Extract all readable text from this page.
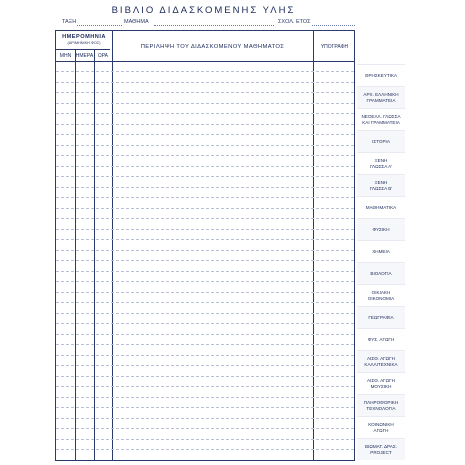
ΒΙΒΛΙΟ ΔΙΔΑΣΚΟΜΕΝΗΣ ΥΛΗΣ
ΤΑΞΗ	ΜΑΘΗΜΑ	ΣΧΟΛ. ΕΤΟΣ
ΗΜΕΡΟΜΗΝΙΑ
(ΑΡ/ΜΗΝΙΚΗ ΦΟΣ)
ΜΗΝ ΗΜΕΡΑ ΩΡΑ
ΠΕΡΙΛΗΨΗ ΤΟΥ ΔΙΔΑΣΚΟΜΕΝΟΥ ΜΑΘΗΜΑΤΟΣ	ΥΠΟΓΡΑΦΗ
ΘΡΗΣΚΕΥΤΙΚΑ
ΑΡΧ. ΕΛΛΗΝΙΚΗ
ΓΡΑΜΜΑΤΕΙΑ
ΝΕΟΕΛΛ. ΓΛΩΣΣΑ
ΚΑΙ ΓΡΑΜΜΑΤΕΙΑ
ΙΣΤΟΡΙΑ
ΞΕΝΗ
ΓΛΩΣΣΑ Α'
ΞΕΝΗ
ΓΛΩΣΣΑ Β'
ΜΑΘΗΜΑΤΙΚΑ
ΦΥΣΙΚΗ
ΧΗΜΕΙΑ
ΒΙΟΛΟΓΙΑ
ΟΙΚΙΑΚΗ
ΟΙΚΟΝΟΜΙΑ
ΓΕΩΓΡΑΦΙΑ
ΦΥΣ. ΑΓΩΓΗ
ΑΙΣΘ. ΑΓΩΓΗ
ΚΑΛΛΙΤΕΧΝΙΚΑ
ΑΙΣΘ. ΑΓΩΓΗ
ΜΟΥΣΙΚΗ
ΠΛΗΡΟΦΟΡΙΚΗ
ΤΕΧΝΟΛΟΓΙΑ
ΚΟΙΝΩΝΙΚΗ
ΑΓΩΓΗ
ΒΙΩΜΑΤ. ΔΡΑΣ.
PROJECT
